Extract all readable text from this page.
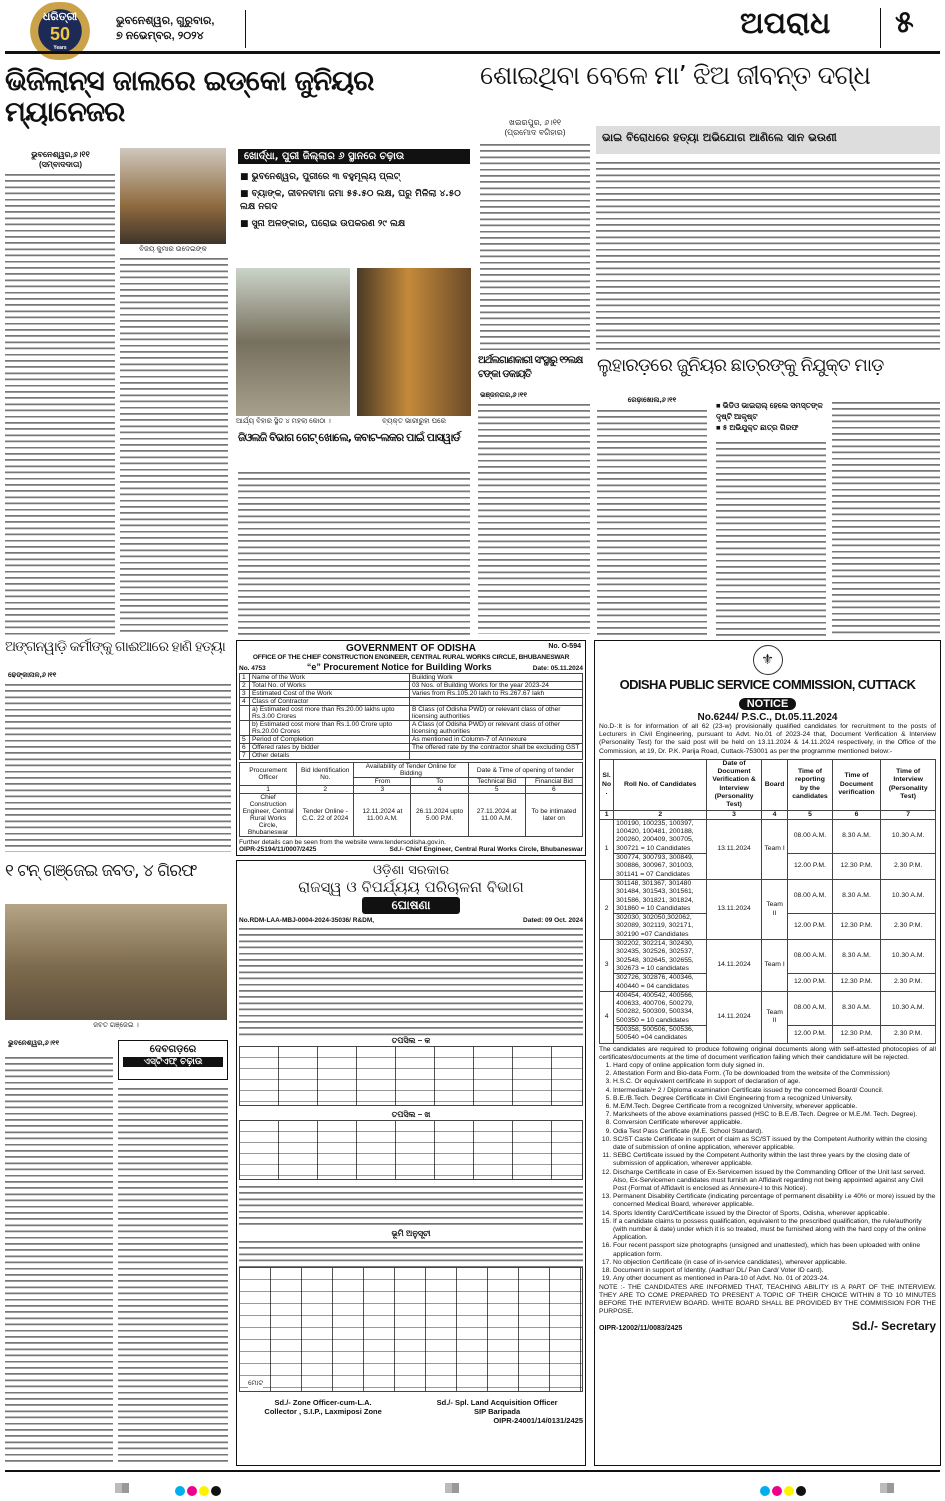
ଧରିତ୍ରୀ
50
Years
ଭୁବନେଶ୍ୱର, ଗୁରୁବାର,
୭ ନଭେମ୍ବର, ୨୦୨୪	ଅପରାଧ	୫
ଭିଜିଲାନ୍ସ ଜାଲରେ ଇଡ୍‌କୋ ଜୁନିୟର ମ୍ୟାନେଜର
ଭୁବନେଶ୍ୱର,୬।୧୧
(ସମ୍ବାଦଦାତା)
ବିଜୟ କୁମାର ଉଦେଇଙ୍କ
ଖୋର୍ଦ୍ଧା, ପୁରୀ ଜିଲ୍ଲାର ୬ ସ୍ଥାନରେ ଚଢ଼ାଉ
■ ଭୁବନେଶ୍ୱର, ପୁରୀରେ ୩ ବହୁମୂଲ୍ୟ ପ୍ଲଟ୍
■ ବ୍ୟାଙ୍କ, ଜୀବନବୀମା ଜମା ୫୫.୫୦ ଲକ୍ଷ, ଘରୁ ମିଳିଲା ୪.୫୦ ଲକ୍ଷ ନଗଦ
■ ସୁନା ଅଳଙ୍କାର, ଘରୋଇ ଉପକରଣ ୨୯ ଲକ୍ଷ
ଆର୍ଯ୍ୟ ବିହାର ସ୍ଥିତ ୪ ମହଲା କୋଠା ।	ବ୍ୟକ୍ତ ଭାରୀରୁହା ଘରେ
ଜିଓଲଜି ବିଭାଗ ଗେଟ୍ ଖୋଲେ, କବାଟ-ଲକର ପାଇଁ ପାସୱାର୍ଡ
ଶୋଇଥିବା ବେଳେ ମା’ ଝିଅ ଜୀବନ୍ତ ଦଗ୍ଧ
ଖଇରପୁର, ୬।୧୧
(ପ୍ରମୋଦ ବଗିହାର)	ଭାଇ ବିରୋଧରେ ହତ୍ୟା ଅଭିଯୋଗ ଆଣିଲେ ସାନ ଭଉଣୀ
ଅର୍ଥଲଗାଣକାରୀ ସଂସ୍ଥାରୁ ୧୨ଲକ୍ଷ ଟଙ୍କା ଡକାୟତି
ଭଞ୍ଜନଗର,୬।୧୧
ଲୁହାରଡ଼ରେ ଜୁନିୟର ଛାତ୍ରଙ୍କୁ ନିଯୁକ୍ତ ମାଡ଼
ରେଢ଼ାଖୋଲ,୬।୧୧
■ ଭିଡିଓ ଭାଇରାଲ୍ ହେଲେ ସମସ୍ତଙ୍କ ଦୃଷ୍ଟି ଆକୃଷ୍ଟ
■ ୫ ଅଭିଯୁକ୍ତ ଛାତ୍ର ଗିରଫ
ଅଙ୍ଗନୱାଡ଼ି କର୍ମୀଙ୍କୁ ଗାଈଆରେ ହାଣି ହତ୍ୟା
ଢେଙ୍କାନାଳ,୬।୧୧
୧ ଟନ୍ ଗଞ୍ଜେଇ ଜବତ, ୪ ଗିରଫ
ଜବତ ଗଞ୍ଜେଇ ।
ଭୁବନେଶ୍ୱର,୬।୧୧
ଦେବଗଡ଼ରେ
ଏସ୍‌ଟିଏଫ୍ ଚଢ଼ାଉ
GOVERNMENT OF ODISHA	No. O-594
OFFICE OF THE CHIEF CONSTRUCTION ENGINEER, CENTRAL RURAL WORKS CIRCLE, BHUBANESWAR
No. 4753	“e” Procurement Notice for Building Works	Date: 05.11.2024
1	Name of the Work	Building Work
2	Total No. of Works	03 Nos. of Building Works for the year 2023-24
3	Estimated Cost of the Work	Varies from Rs.105.20 lakh to Rs.267.67 lakh
4	Class of Contractor	
	a) Estimated cost more than Rs.20.00 lakhs upto Rs.3.00 Crores	B Class (of Odisha PWD) or relevant class of other licensing authorities
	b) Estimated cost more than Rs.1.00 Crore upto Rs.20.00 Crores	A Class (of Odisha PWD) or relevant class of other licensing authorities
5	Period of Completion	As mentioned in Column-7 of Annexure
6	Offered rates by bidder	The offered rate by the contractor shall be excluding GST
7	Other details	
Procurement Officer	Bid Identification No.	Availability of Tender Online for Bidding		Date & Time of opening of tender	
		From	To	Technical Bid	Financial Bid
1	2	3	4	5	6
Chief Construction Engineer, Central Rural Works Circle, Bhubaneswar	Tender Online - C.C. 22 of 2024	12.11.2024 at 11.00 A.M.	26.11.2024 upto 5.00 P.M.	27.11.2024 at 11.00 A.M.	To be intimated later on
Further details can be seen from the website www.tendersodisha.gov.in.
OIPR-25194/11/0007/2425	Sd./- Chief Engineer, Central Rural Works Circle, Bhubaneswar
ଓଡ଼ିଶା ସରକାର
ରାଜସ୍ୱ ଓ ବିପର୍ଯ୍ୟୟ ପରିଚାଳନା ବିଭାଗ
ଘୋଷଣା
No.RDM-LAA-MBJ-0004-2024-35036/ R&DM,	Dated: 09 Oct. 2024
ତପସିଲ – କ
ତପସିଲ – ଖ
ଭୂମି ଅନୁସୂଚୀ
ମୋଟ
Sd./- Zone Officer-cum-L.A.
Collector , S.I.P., Laxmiposi Zone
Sd./- Spl. Land Acquisition Officer
SIP Baripada
OIPR-24001/14/0131/2425
⚜
ODISHA PUBLIC SERVICE COMMISSION, CUTTACK
NOTICE
No.6244/ P.S.C., Dt.05.11.2024
No.D-:It is for information of all 62 (23-w) provisionally qualified candidates for recruitment to the posts of Lecturers in Civil Engineering, pursuant to Advt. No.01 of 2023-24 that, Document Verification & Interview (Personality Test) for the said post will be held on 13.11.2024 & 14.11.2024 respectively, in the Office of the Commission, at 19, Dr. P.K. Parija Road, Cuttack-753001 as per the programme mentioned below:-
Sl. No.	Roll No. of Candidates	Date of Document Verification & Interview (Personality Test)	Board	Time of reporting by the candidates	Time of Document verification	Time of Interview (Personality Test)
1	2	3	4	5	6	7
1	100190, 100235, 100397, 100420, 100481, 200188, 200260, 200409, 300705, 300721 = 10 Candidates	13.11.2024	Team I	08.00 A.M.	8.30 A.M.	10.30 A.M.
	300774, 300793, 300849, 300886, 300967, 301003, 301141 = 07 Candidates			12.00 P.M.	12.30 P.M.	2.30 P.M.
2	301148, 301367, 301480 301484, 301543, 301561, 301586, 301821, 301824, 301860 = 10 Candidates	13.11.2024	Team II	08.00 A.M.	8.30 A.M.	10.30 A.M.
	302030, 302050,302062, 302089, 302119, 302171, 302190 =07 Candidates			12.00 P.M.	12.30 P.M.	2.30 P.M.
3	302202, 302214, 302430, 302435, 302526, 302537, 302548, 302645, 302655, 302673 = 10 candidates	14.11.2024	Team I	08.00 A.M.	8.30 A.M.	10.30 A.M.
	302726, 302876, 400346, 400440 = 04 candidates			12.00 P.M.	12.30 P.M.	2.30 P.M.
4	400454, 400542, 400566, 400633, 400706, 500279, 500282, 500309, 500334, 500350 = 10 candidates	14.11.2024	Team II	08.00 A.M.	8.30 A.M.	10.30 A.M.
	500358, 500506, 500536, 500540 =04 candidates			12.00 P.M.	12.30 P.M.	2.30 P.M.
The candidates are required to produce following original documents along with self-attested photocopies of all certificates/documents at the time of document verification failing which their candidature will be rejected.
1. Hard copy of online application form duly signed in.
2. Attestation Form and Bio-data Form. (To be downloaded from the website of the Commission)
3. H.S.C. Or equivalent certificate in support of declaration of age.
4. Intermediate/+ 2 / Diploma examination Certificate issued by the concerned Board/ Council.
5. B.E./B.Tech. Degree Certificate in Civil Engineering from a recognized University.
6. M.E/M.Tech. Degree Certificate from a recognized University, wherever applicable.
7. Marksheets of the above examinations passed (HSC to B.E./B.Tech. Degree or M.E./M. Tech. Degree).
8. Conversion Certificate wherever applicable.
9. Odia Test Pass Certificate (M.E. School Standard).
10. SC/ST Caste Certificate in support of claim as SC/ST issued by the Competent Authority within the closing date of submission of online application, wherever applicable.
11. SEBC Certificate issued by the Competent Authority within the last three years by the closing date of submission of application, wherever applicable.
12. Discharge Certificate in case of Ex-Servicemen issued by the Commanding Officer of the Unit last served. Also, Ex-Servicemen candidates must furnish an Affidavit regarding not being appointed against any Civil Post (Format of Affidavit is enclosed as Annexure-I to this Notice).
13. Permanent Disability Certificate (indicating percentage of permanent disability i.e 40% or more) issued by the concerned Medical Board, wherever applicable.
14. Sports Identity Card/Certificate issued by the Director of Sports, Odisha, wherever applicable.
15. If a candidate claims to possess qualification, equivalent to the prescribed qualification, the rule/authority (with number & date) under which it is so treated, must be furnished along with the hard copy of the online Application.
16. Four recent passport size photographs (unsigned and unattested), which has been uploaded with online application form.
17. No objection Certificate (in case of in-service candidates), wherever applicable.
18. Document in support of Identity. (Aadhar/ DL/ Pan Card/ Voter ID card).
19. Any other document as mentioned in Para-10 of Advt. No. 01 of 2023-24.
NOTE :- THE CANDIDATES ARE INFORMED THAT, TEACHING ABILITY IS A PART OF THE INTERVIEW. THEY ARE TO COME PREPARED TO PRESENT A TOPIC OF THEIR CHOICE WITHIN 8 TO 10 MINUTES BEFORE THE INTERVIEW BOARD. WHITE BOARD SHALL BE PROVIDED BY THE COMMISSION FOR THE PURPOSE.
OIPR-12002/11/0083/2425	Sd./- Secretary
